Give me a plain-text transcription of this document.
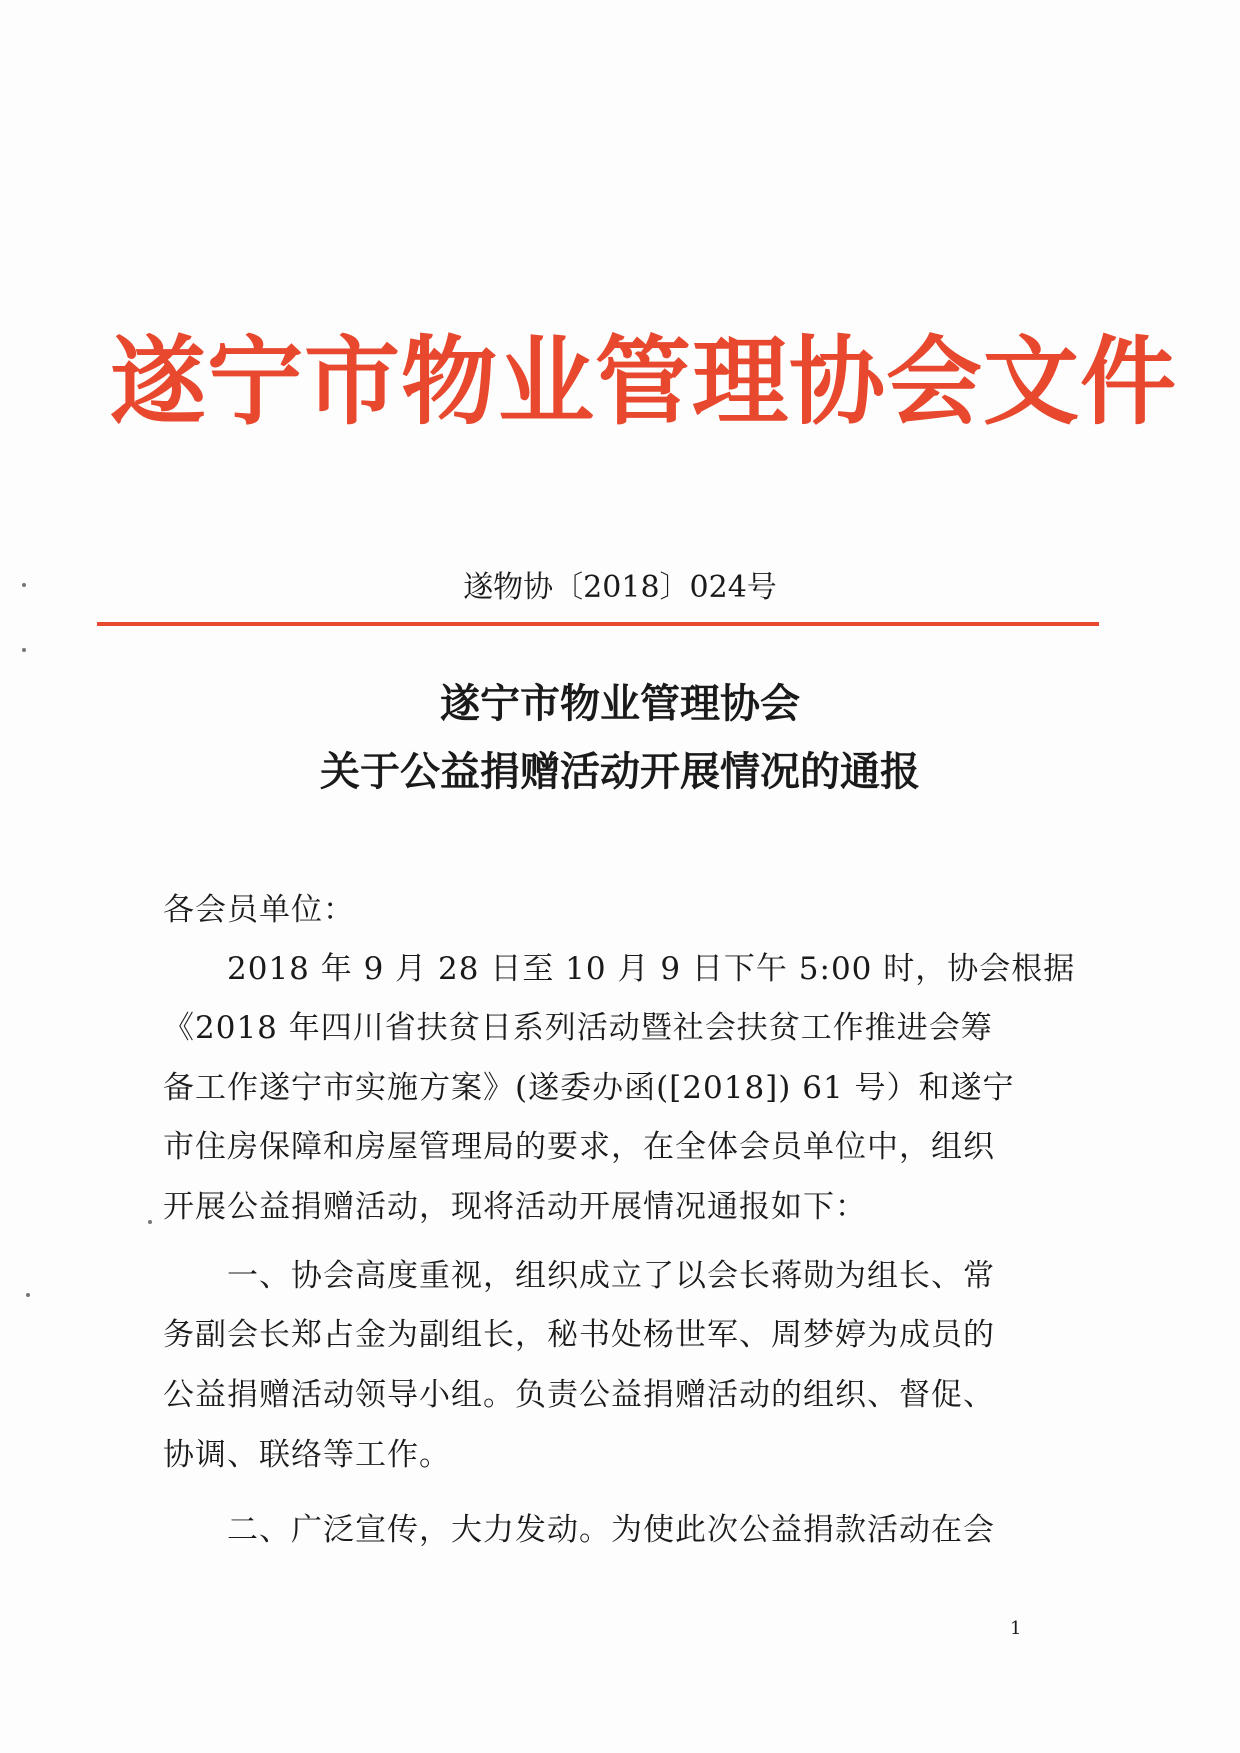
遂宁市物业管理协会文件
遂物协〔2018〕024号
遂宁市物业管理协会
关于公益捐赠活动开展情况的通报
各会员单位：
　　2018 年 9 月 28 日至 10 月 9 日下午 5:00 时，协会根据
《2018 年四川省扶贫日系列活动暨社会扶贫工作推进会筹
备工作遂宁市实施方案》(遂委办函([2018]) 61 号）和遂宁
市住房保障和房屋管理局的要求，在全体会员单位中，组织
开展公益捐赠活动，现将活动开展情况通报如下：
　　一、协会高度重视，组织成立了以会长蒋勋为组长、常
务副会长郑占金为副组长，秘书处杨世军、周梦婷为成员的
公益捐赠活动领导小组。负责公益捐赠活动的组织、督促、
协调、联络等工作。
　　二、广泛宣传，大力发动。为使此次公益捐款活动在会
1
